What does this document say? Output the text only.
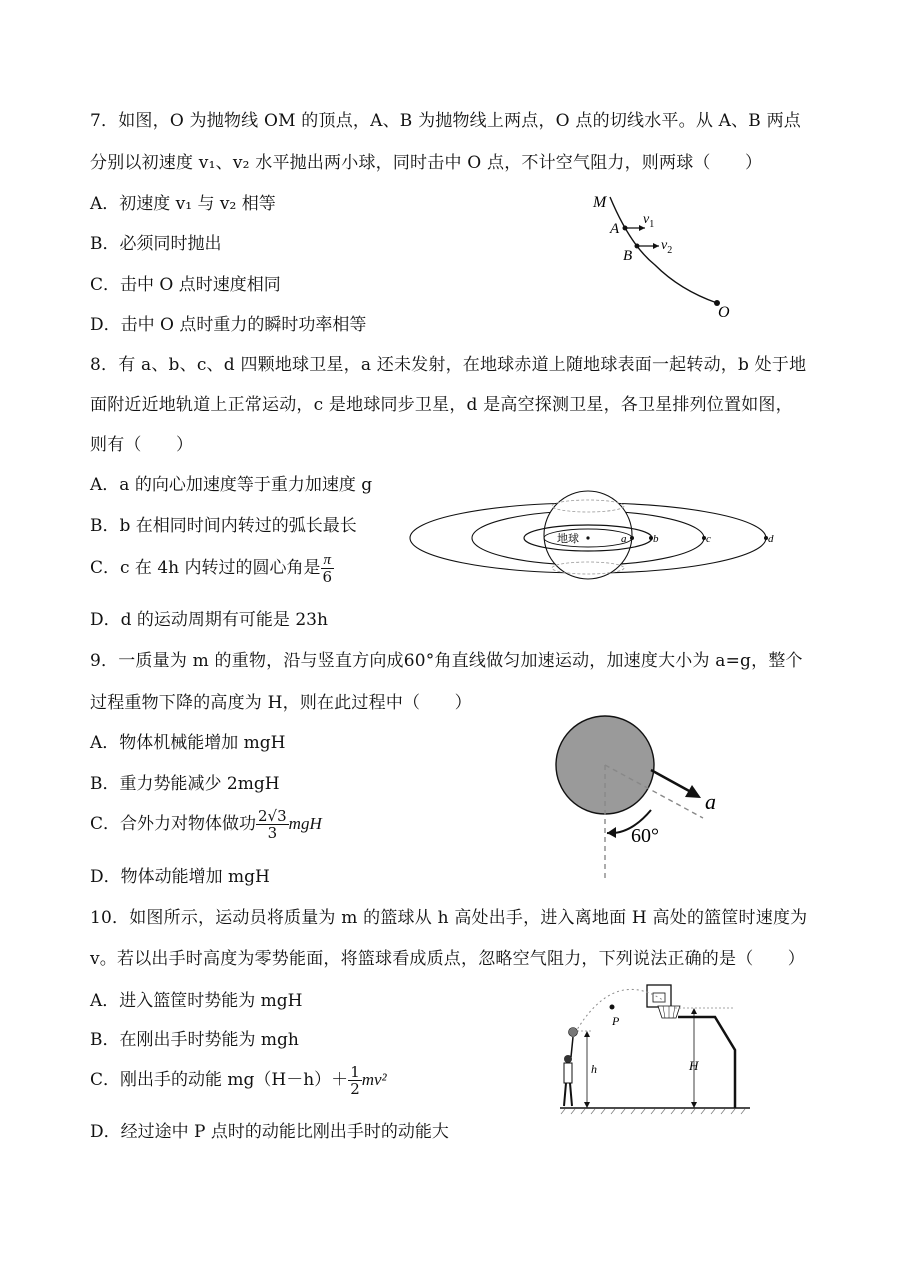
7．如图，O 为抛物线 OM 的顶点，A、B 为抛物线上两点，O 点的切线水平。从 A、B 两点
分别以初速度 v₁、v₂ 水平抛出两小球，同时击中 O 点，不计空气阻力，则两球（　　）
A．初速度 v₁ 与 v₂ 相等
B．必须同时抛出
C．击中 O 点时速度相同
D．击中 O 点时重力的瞬时功率相等
M
A
B
O
$v_1$
$v_2$
8．有 a、b、c、d 四颗地球卫星，a 还未发射，在地球赤道上随地球表面一起转动，b 处于地
面附近近地轨道上正常运动，c 是地球同步卫星，d 是高空探测卫星，各卫星排列位置如图，
则有（　　）
A．a 的向心加速度等于重力加速度 g
B．b 在相同时间内转过的弧长最长
C．c 在 4h 内转过的圆心角是 $\frac{\pi}{6}$
D．d 的运动周期有可能是 23h
地球	a b	c	d
9．一质量为 m 的重物，沿与竖直方向成60°角直线做匀加速运动，加速度大小为 a=g，整个
过程重物下降的高度为 H，则在此过程中（　　）
A．物体机械能增加 mgH
B．重力势能减少 2mgH
C．合外力对物体做功 $\frac{2√3}{3}$ mgH
D．物体动能增加 mgH
a
60°
10．如图所示，运动员将质量为 m 的篮球从 h 高处出手，进入离地面 H 高处的篮筐时速度为
v。若以出手时高度为零势能面，将篮球看成质点，忽略空气阻力，下列说法正确的是（　　）
A．进入篮筐时势能为 mgH
B．在刚出手时势能为 mgh
C．刚出手的动能 $mg(H-h)+ \frac{1}{2} mv^2$
D．经过途中 P 点时的动能比刚出手时的动能大
P
h	H
